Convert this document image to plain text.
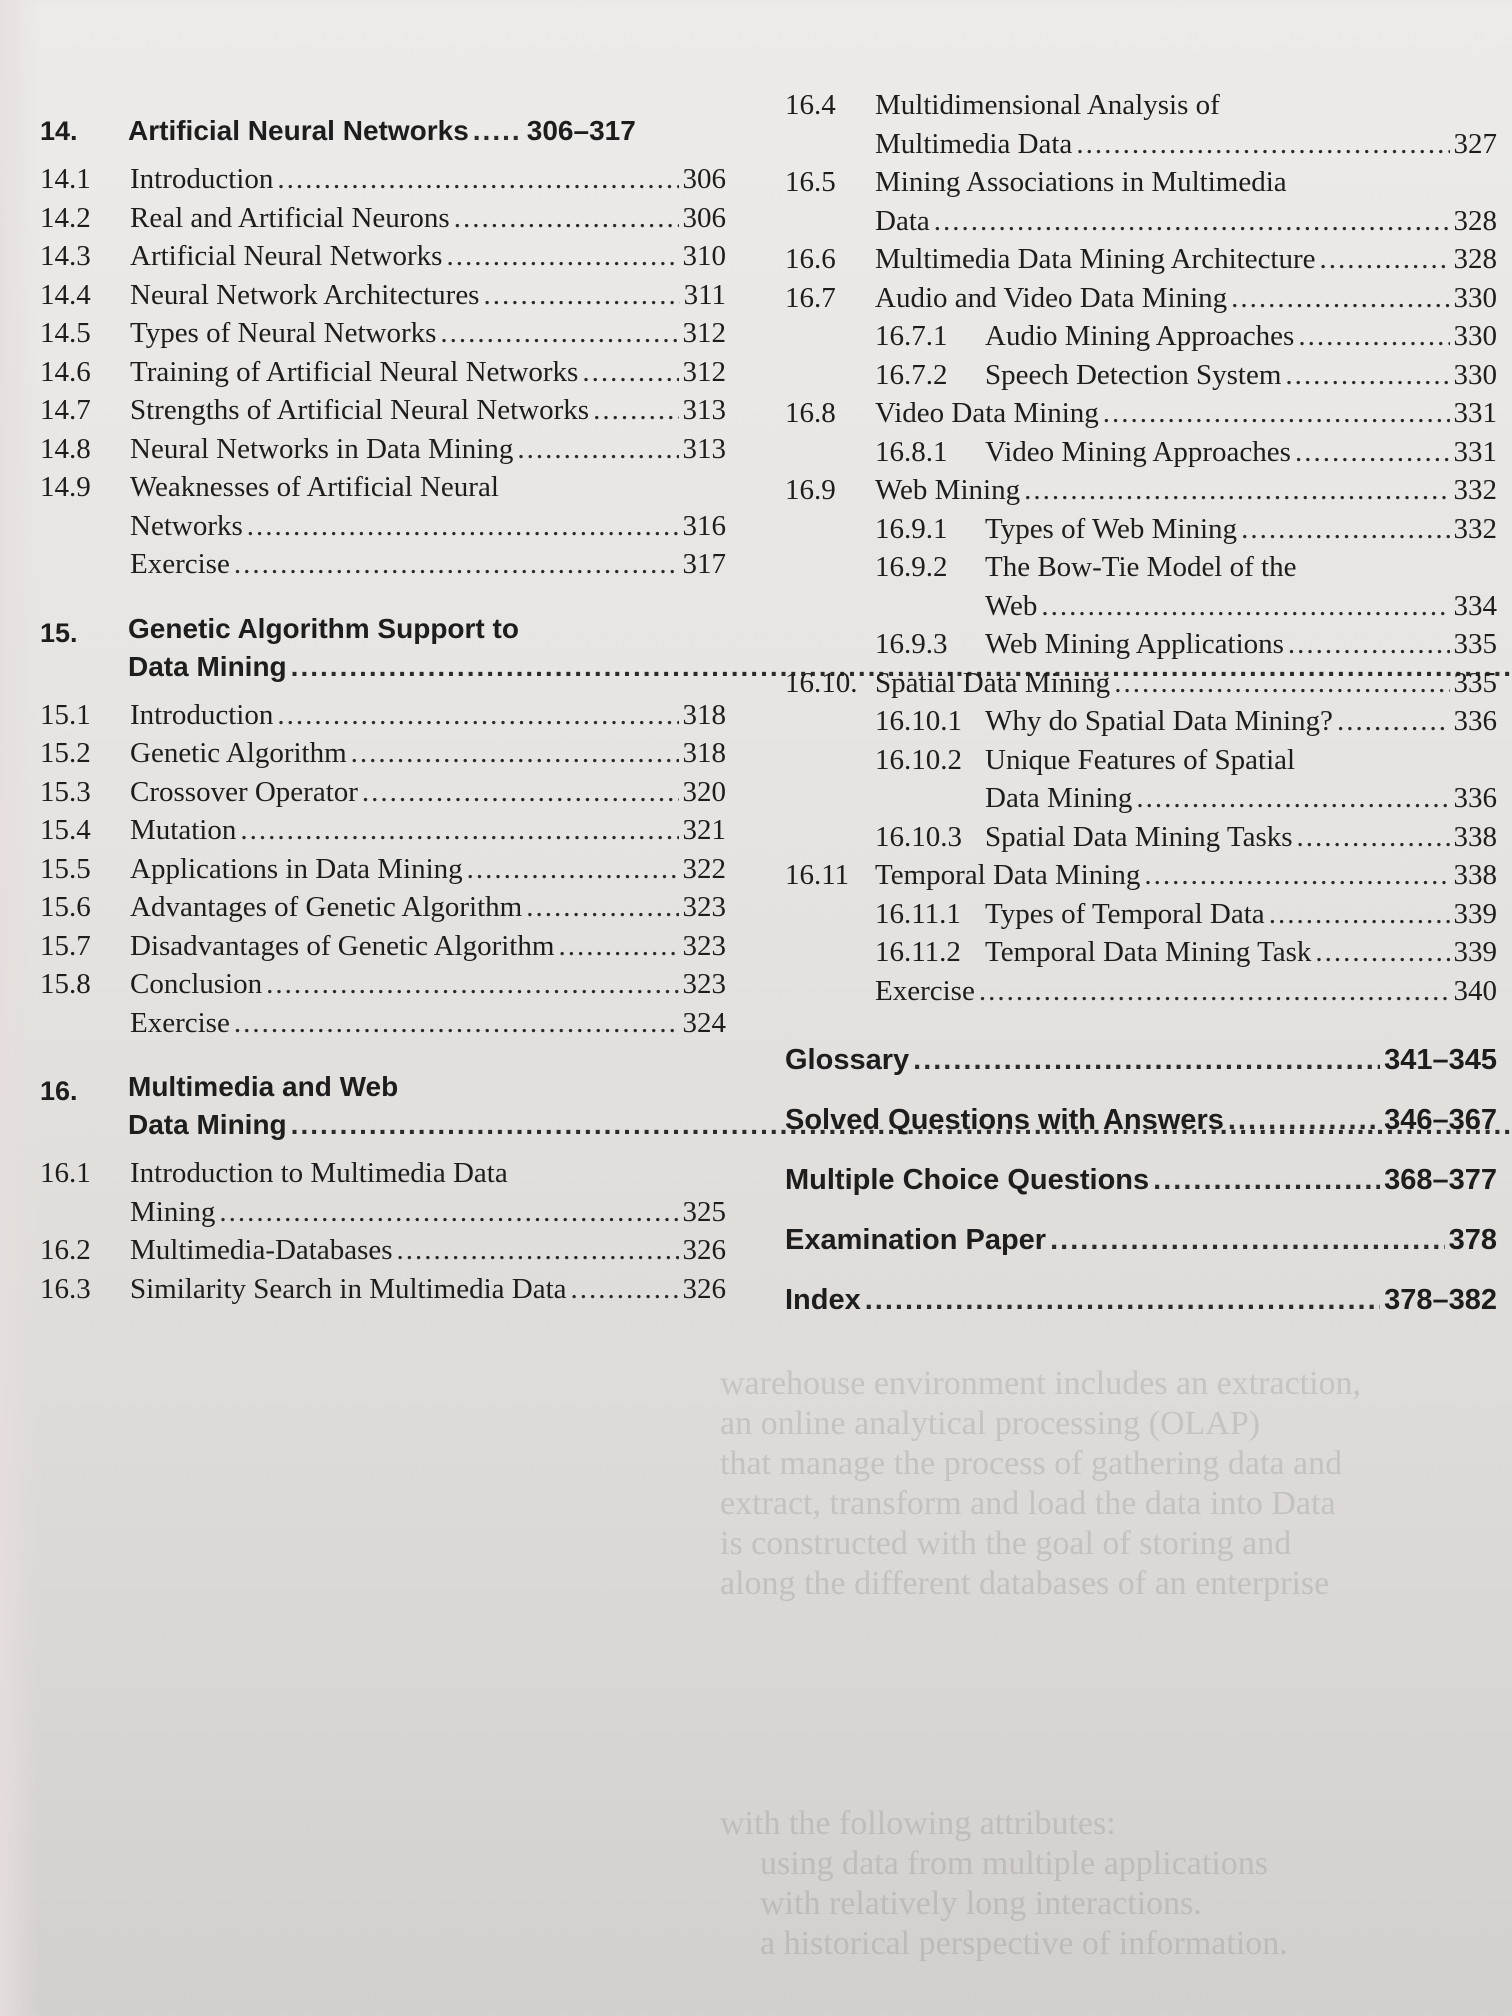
warehouse environment includes an extraction,
an online analytical processing (OLAP)
that manage the process of gathering data and
extract, transform and load the data into Data
is constructed with the goal of storing and
along the different databases of an enterprise
with the following attributes:
using data from multiple applications
with relatively long interactions.
a historical perspective of information.
14.	Artificial Neural Networks ..... 306–317
14.1	Introduction .....	306
14.2	Real and Artificial Neurons .....	306
14.3	Artificial Neural Networks .....	310
14.4	Neural Network Architectures .....	311
14.5	Types of Neural Networks .....	312
14.6	Training of Artificial Neural Networks .....	312
14.7	Strengths of Artificial Neural Networks .....	313
14.8	Neural Networks in Data Mining .....	313
14.9	Weaknesses of Artificial Neural
Networks .....	316
Exercise .....	317
15.	Genetic Algorithm Support to
Data Mining
.....
15.1	Introduction .....	318
15.2	Genetic Algorithm .....	318
15.3	Crossover Operator .....	320
15.4	Mutation .....	321
15.5	Applications in Data Mining .....	322
15.6	Advantages of Genetic Algorithm .....	323
15.7	Disadvantages of Genetic Algorithm .....	323
15.8	Conclusion .....	323
Exercise .....	324
16.	Multimedia and Web
Data Mining
.....
16.1	Introduction to Multimedia Data
Mining .....	325
16.2	Multimedia-Databases .....	326
16.3	Similarity Search in Multimedia Data .....	326
16.4	Multidimensional Analysis of
Multimedia Data .....	327
16.5	Mining Associations in Multimedia
Data .....	328
16.6	Multimedia Data Mining Architecture .....	328
16.7	Audio and Video Data Mining .....	330
16.7.1	Audio Mining Approaches .....	330
16.7.2	Speech Detection System .....	330
16.8	Video Data Mining .....	331
16.8.1	Video Mining Approaches .....	331
16.9	Web Mining .....	332
16.9.1	Types of Web Mining .....	332
16.9.2	The Bow-Tie Model of the
Web .....	334
16.9.3	Web Mining Applications .....	335
16.10. Spatial Data Mining .....	335
16.10.1 Why do Spatial Data Mining? .....	336
16.10.2 Unique Features of Spatial
Data Mining .....	336
16.10.3 Spatial Data Mining Tasks .....	338
16.11 Temporal Data Mining .....	338
16.11.1 Types of Temporal Data .....	339
16.11.2 Temporal Data Mining Task .....	339
Exercise .....	340
Glossary .....	341–345
Solved Questions with Answers .....	346–367
Multiple Choice Questions .....	368–377
Examination Paper .....	378
Index .....	378–382
